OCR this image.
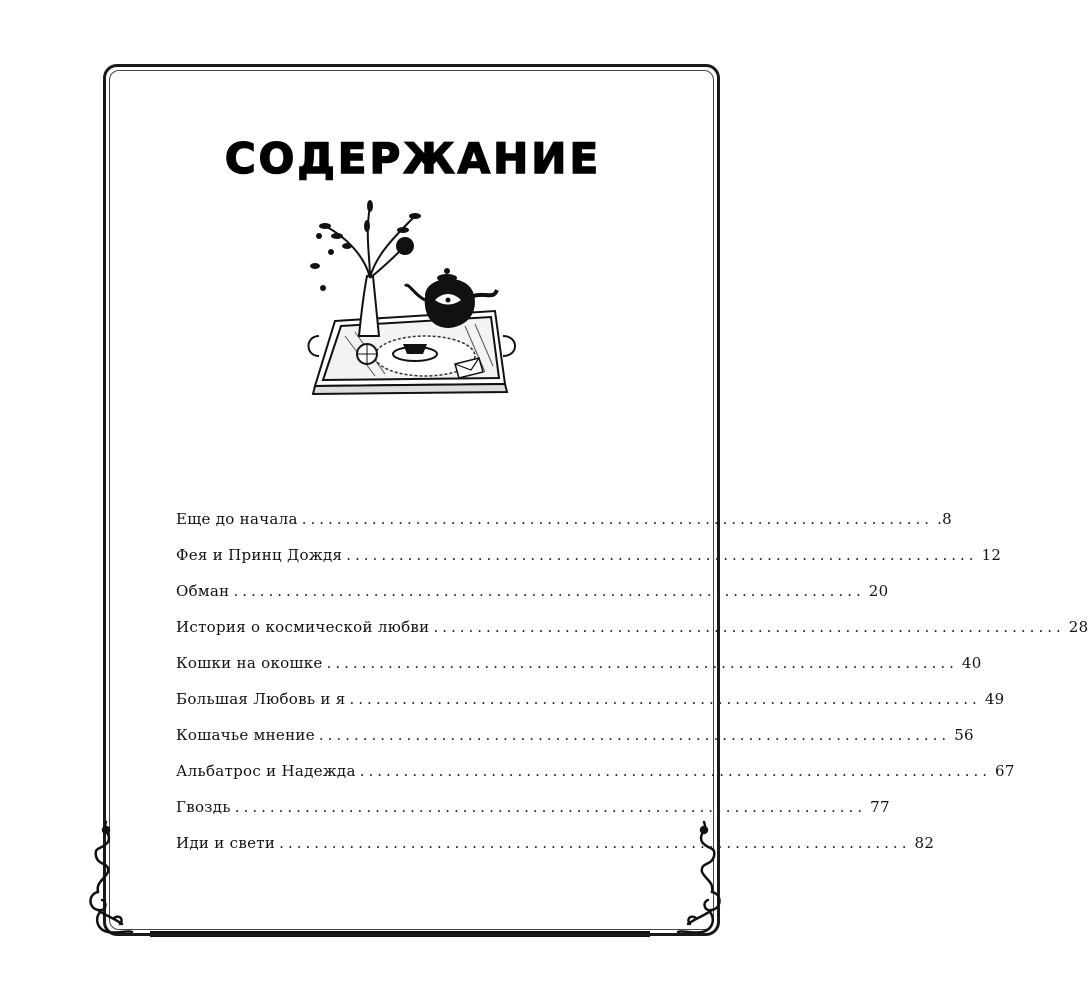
СОДЕРЖАНИЕ
Еще до начала ........................................................................ .8
Фея и Принц Дождя ........................................................................ 12
Обман ........................................................................ 20
История о космической любви ........................................................................ 28
Кошки на окошке ........................................................................ 40
Большая Любовь и я ........................................................................ 49
Кошачье мнение ........................................................................ 56
Альбатрос и Надежда ........................................................................ 67
Гвоздь ........................................................................ 77
Иди и свети ........................................................................ 82
